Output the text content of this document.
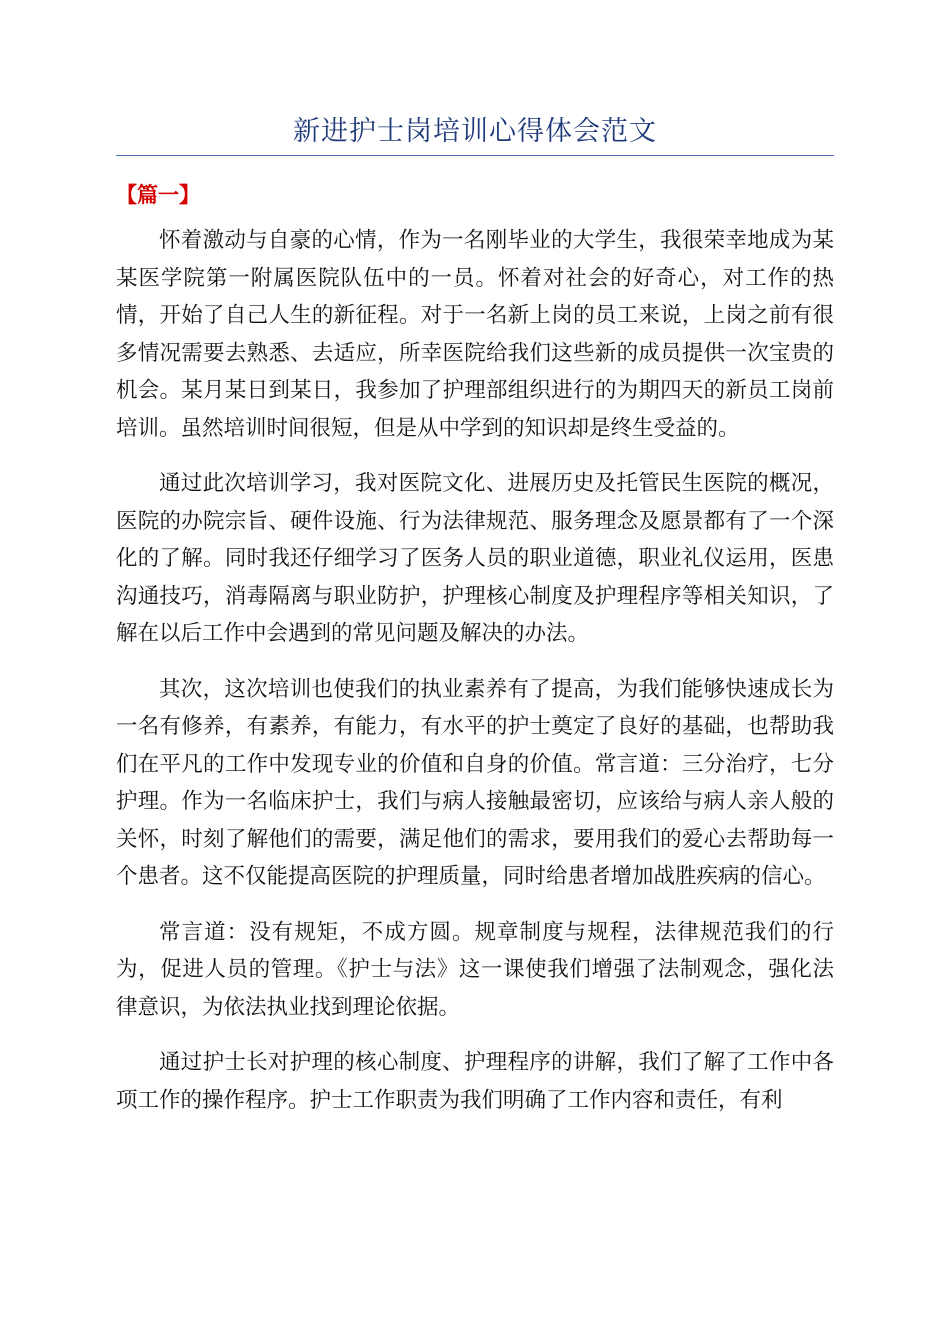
新进护士岗培训心得体会范文
【篇一】

怀着激动与自豪的心情，作为一名刚毕业的大学生，我很荣幸地成为某某医学院第一附属医院队伍中的一员。怀着对社会的好奇心，对工作的热情，开始了自己人生的新征程。对于一名新上岗的员工来说，上岗之前有很多情况需要去熟悉、去适应，所幸医院给我们这些新的成员提供一次宝贵的机会。某月某日到某日，我参加了护理部组织进行的为期四天的新员工岗前培训。虽然培训时间很短，但是从中学到的知识却是终生受益的。

通过此次培训学习，我对医院文化、进展历史及托管民生医院的概况，医院的办院宗旨、硬件设施、行为法律规范、服务理念及愿景都有了一个深化的了解。同时我还仔细学习了医务人员的职业道德，职业礼仪运用，医患沟通技巧，消毒隔离与职业防护，护理核心制度及护理程序等相关知识，了解在以后工作中会遇到的常见问题及解决的办法。

其次，这次培训也使我们的执业素养有了提高，为我们能够快速成长为一名有修养，有素养，有能力，有水平的护士奠定了良好的基础，也帮助我们在平凡的工作中发现专业的价值和自身的价值。常言道：三分治疗，七分护理。作为一名临床护士，我们与病人接触最密切，应该给与病人亲人般的关怀，时刻了解他们的需要，满足他们的需求，要用我们的爱心去帮助每一个患者。这不仅能提高医院的护理质量，同时给患者增加战胜疾病的信心。

常言道：没有规矩，不成方圆。规章制度与规程，法律规范我们的行为，促进人员的管理。《护士与法》这一课使我们增强了法制观念，强化法律意识，为依法执业找到理论依据。

通过护士长对护理的核心制度、护理程序的讲解，我们了解了工作中各项工作的操作程序。护士工作职责为我们明确了工作内容和责任，有利
